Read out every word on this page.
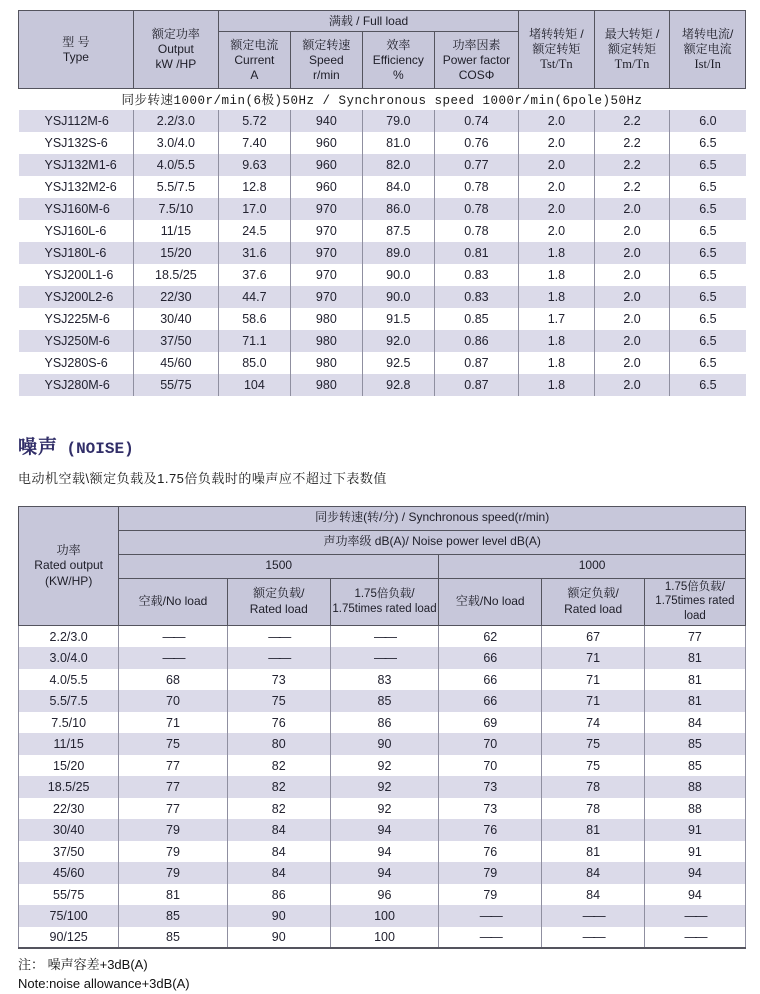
型 号
Type	额定功率
Output
kW /HP	满载 / Full load				堵转转矩 /
额定转矩
Tst/Tn	最大转矩 /
额定转矩
Tm/Tn	堵转电流/
额定电流
Ist/In

		额定电流
Current
A	额定转速
Speed
r/min	效率
Efficiency
%	功率因素
Power factor
COSΦ			

同步转速1000r/min(6极)50Hz / Synchronous speed 1000r/min(6pole)50Hz								
YSJ112M-6	2.2/3.0	5.72	940	79.0	0.74	2.0	2.2	6.0
YSJ132S-6	3.0/4.0	7.40	960	81.0	0.76	2.0	2.2	6.5
YSJ132M1-6	4.0/5.5	9.63	960	82.0	0.77	2.0	2.2	6.5
YSJ132M2-6	5.5/7.5	12.8	960	84.0	0.78	2.0	2.2	6.5
YSJ160M-6	7.5/10	17.0	970	86.0	0.78	2.0	2.0	6.5
YSJ160L-6	11/15	24.5	970	87.5	0.78	2.0	2.0	6.5
YSJ180L-6	15/20	31.6	970	89.0	0.81	1.8	2.0	6.5
YSJ200L1-6	18.5/25	37.6	970	90.0	0.83	1.8	2.0	6.5
YSJ200L2-6	22/30	44.7	970	90.0	0.83	1.8	2.0	6.5
YSJ225M-6	30/40	58.6	980	91.5	0.85	1.7	2.0	6.5
YSJ250M-6	37/50	71.1	980	92.0	0.86	1.8	2.0	6.5
YSJ280S-6	45/60	85.0	980	92.5	0.87	1.8	2.0	6.5
YSJ280M-6	55/75	104	980	92.8	0.87	1.8	2.0	6.5
噪声 (NOISE)
电动机空载\额定负载及1.75倍负载时的噪声应不超过下表数值
功率
Rated output
(KW/HP)	同步转速(转/分) / Synchronous speed(r/min)					
	声功率级 dB(A)/ Noise power level dB(A)					
	1500			1000		
	空载/No load	额定负载/
Rated load	1.75倍负载/
1.75times rated load	空载/No load	额定负载/
Rated load	1.75倍负载/
1.75times rated load

2.2/3.0	——	——	——	62	67	77
3.0/4.0	——	——	——	66	71	81
4.0/5.5	68	73	83	66	71	81
5.5/7.5	70	75	85	66	71	81
7.5/10	71	76	86	69	74	84
11/15	75	80	90	70	75	85
15/20	77	82	92	70	75	85
18.5/25	77	82	92	73	78	88
22/30	77	82	92	73	78	88
30/40	79	84	94	76	81	91
37/50	79	84	94	76	81	91
45/60	79	84	94	79	84	94
55/75	81	86	96	79	84	94
75/100	85	90	100	——	——	——
90/125	85	90	100	——	——	——
注： 噪声容差+3dB(A)
Note:noise allowance+3dB(A)
